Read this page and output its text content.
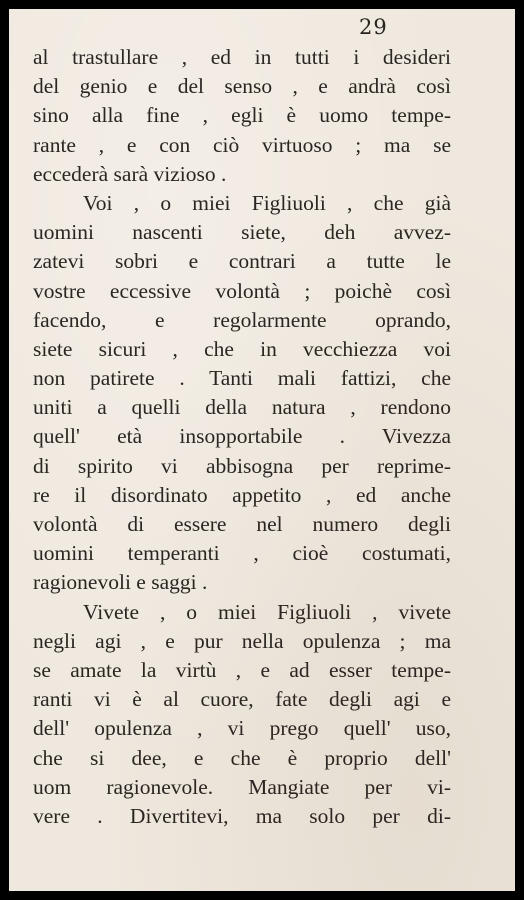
29
al trastullare , ed in tutti i desideri
del genio e del senso , e andrà così
sino alla fine , egli è uomo tempe-
rante , e con ciò virtuoso ; ma se
eccederà sarà vizioso .
Voi , o miei Figliuoli , che già
uomini nascenti siete, deh avvez-
zatevi sobri e contrari a tutte le
vostre eccessive volontà ; poichè così
facendo, e regolarmente oprando,
siete sicuri , che in vecchiezza voi
non patirete . Tanti mali fattizi, che
uniti a quelli della natura , rendono
quell' età insopportabile . Vivezza
di spirito vi abbisogna per reprime-
re il disordinato appetito , ed anche
volontà di essere nel numero degli
uomini temperanti , cioè costumati,
ragionevoli e saggi .
Vivete , o miei Figliuoli , vivete
negli agi , e pur nella opulenza ; ma
se amate la virtù , e ad esser tempe-
ranti vi è al cuore, fate degli agi e
dell' opulenza , vi prego quell' uso,
che si dee, e che è proprio dell'
uom ragionevole. Mangiate per vi-
vere . Divertitevi, ma solo per di-
